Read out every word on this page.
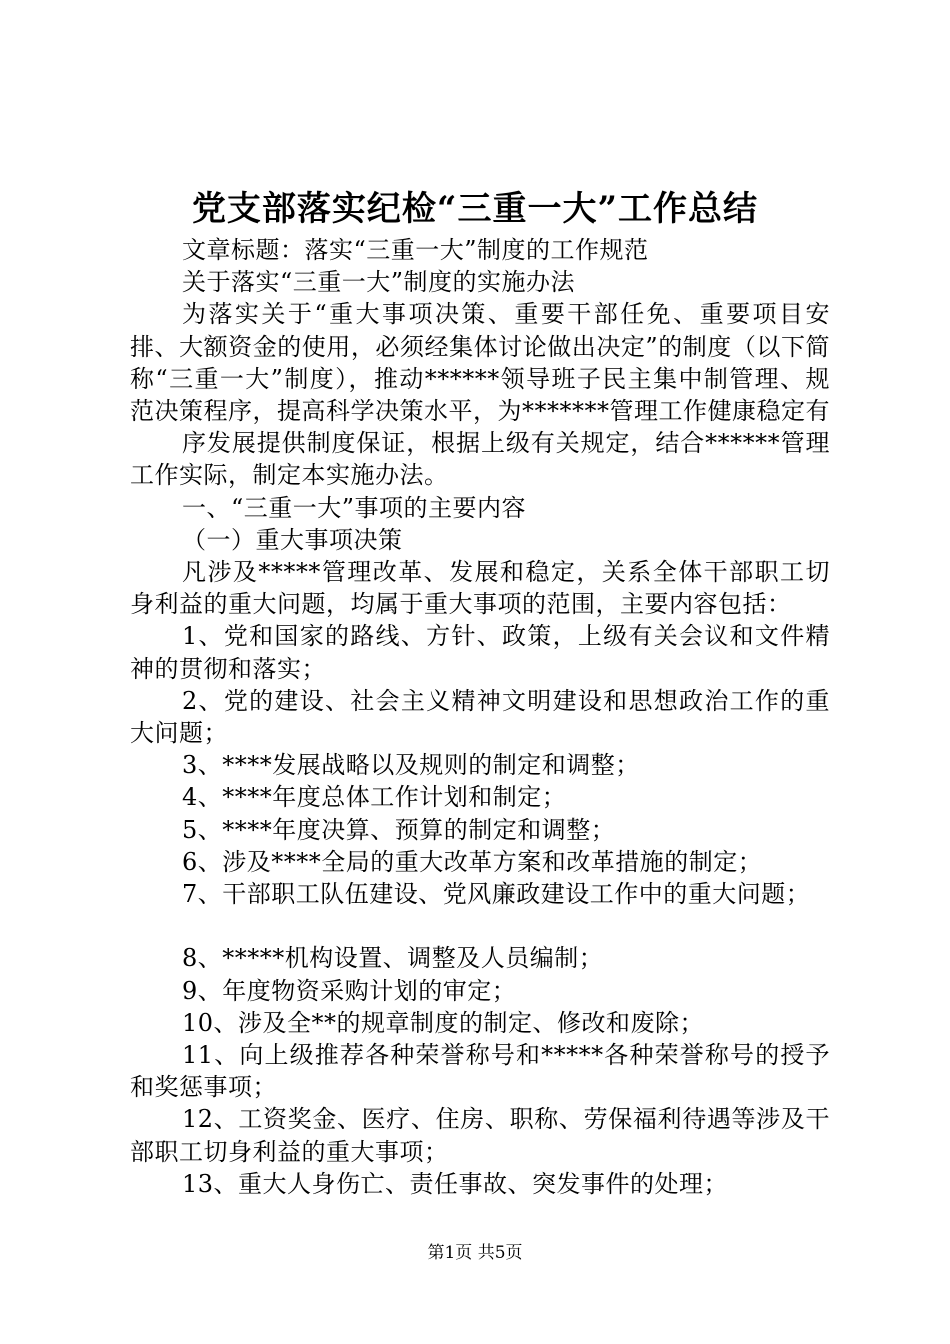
党支部落实纪检“三重一大”工作总结

文章标题：落实“三重一大”制度的工作规范

关于落实“三重一大”制度的实施办法

为落实关于“重大事项决策、重要干部任免、重要项目安排、大额资金的使用，必须经集体讨论做出决定”的制度（以下简称“三重一大”制度），推动******领导班子民主集中制管理、规范决策程序，提高科学决策水平，为*******管理工作健康稳定有

序发展提供制度保证，根据上级有关规定，结合******管理工作实际，制定本实施办法。

一、“三重一大”事项的主要内容

（一）重大事项决策

凡涉及*****管理改革、发展和稳定，关系全体干部职工切身利益的重大问题，均属于重大事项的范围，主要内容包括：

1、党和国家的路线、方针、政策，上级有关会议和文件精神的贯彻和落实；

2、党的建设、社会主义精神文明建设和思想政治工作的重大问题；

3、****发展战略以及规则的制定和调整；

4、****年度总体工作计划和制定；

5、****年度决算、预算的制定和调整；

6、涉及****全局的重大改革方案和改革措施的制定；

7、干部职工队伍建设、党风廉政建设工作中的重大问题；

8、*****机构设置、调整及人员编制；

9、年度物资采购计划的审定；

10、涉及全**的规章制度的制定、修改和废除；

11、向上级推荐各种荣誉称号和*****各种荣誉称号的授予和奖惩事项；

12、工资奖金、医疗、住房、职称、劳保福利待遇等涉及干部职工切身利益的重大事项；

13、重大人身伤亡、责任事故、突发事件的处理；

第1页 共5页
